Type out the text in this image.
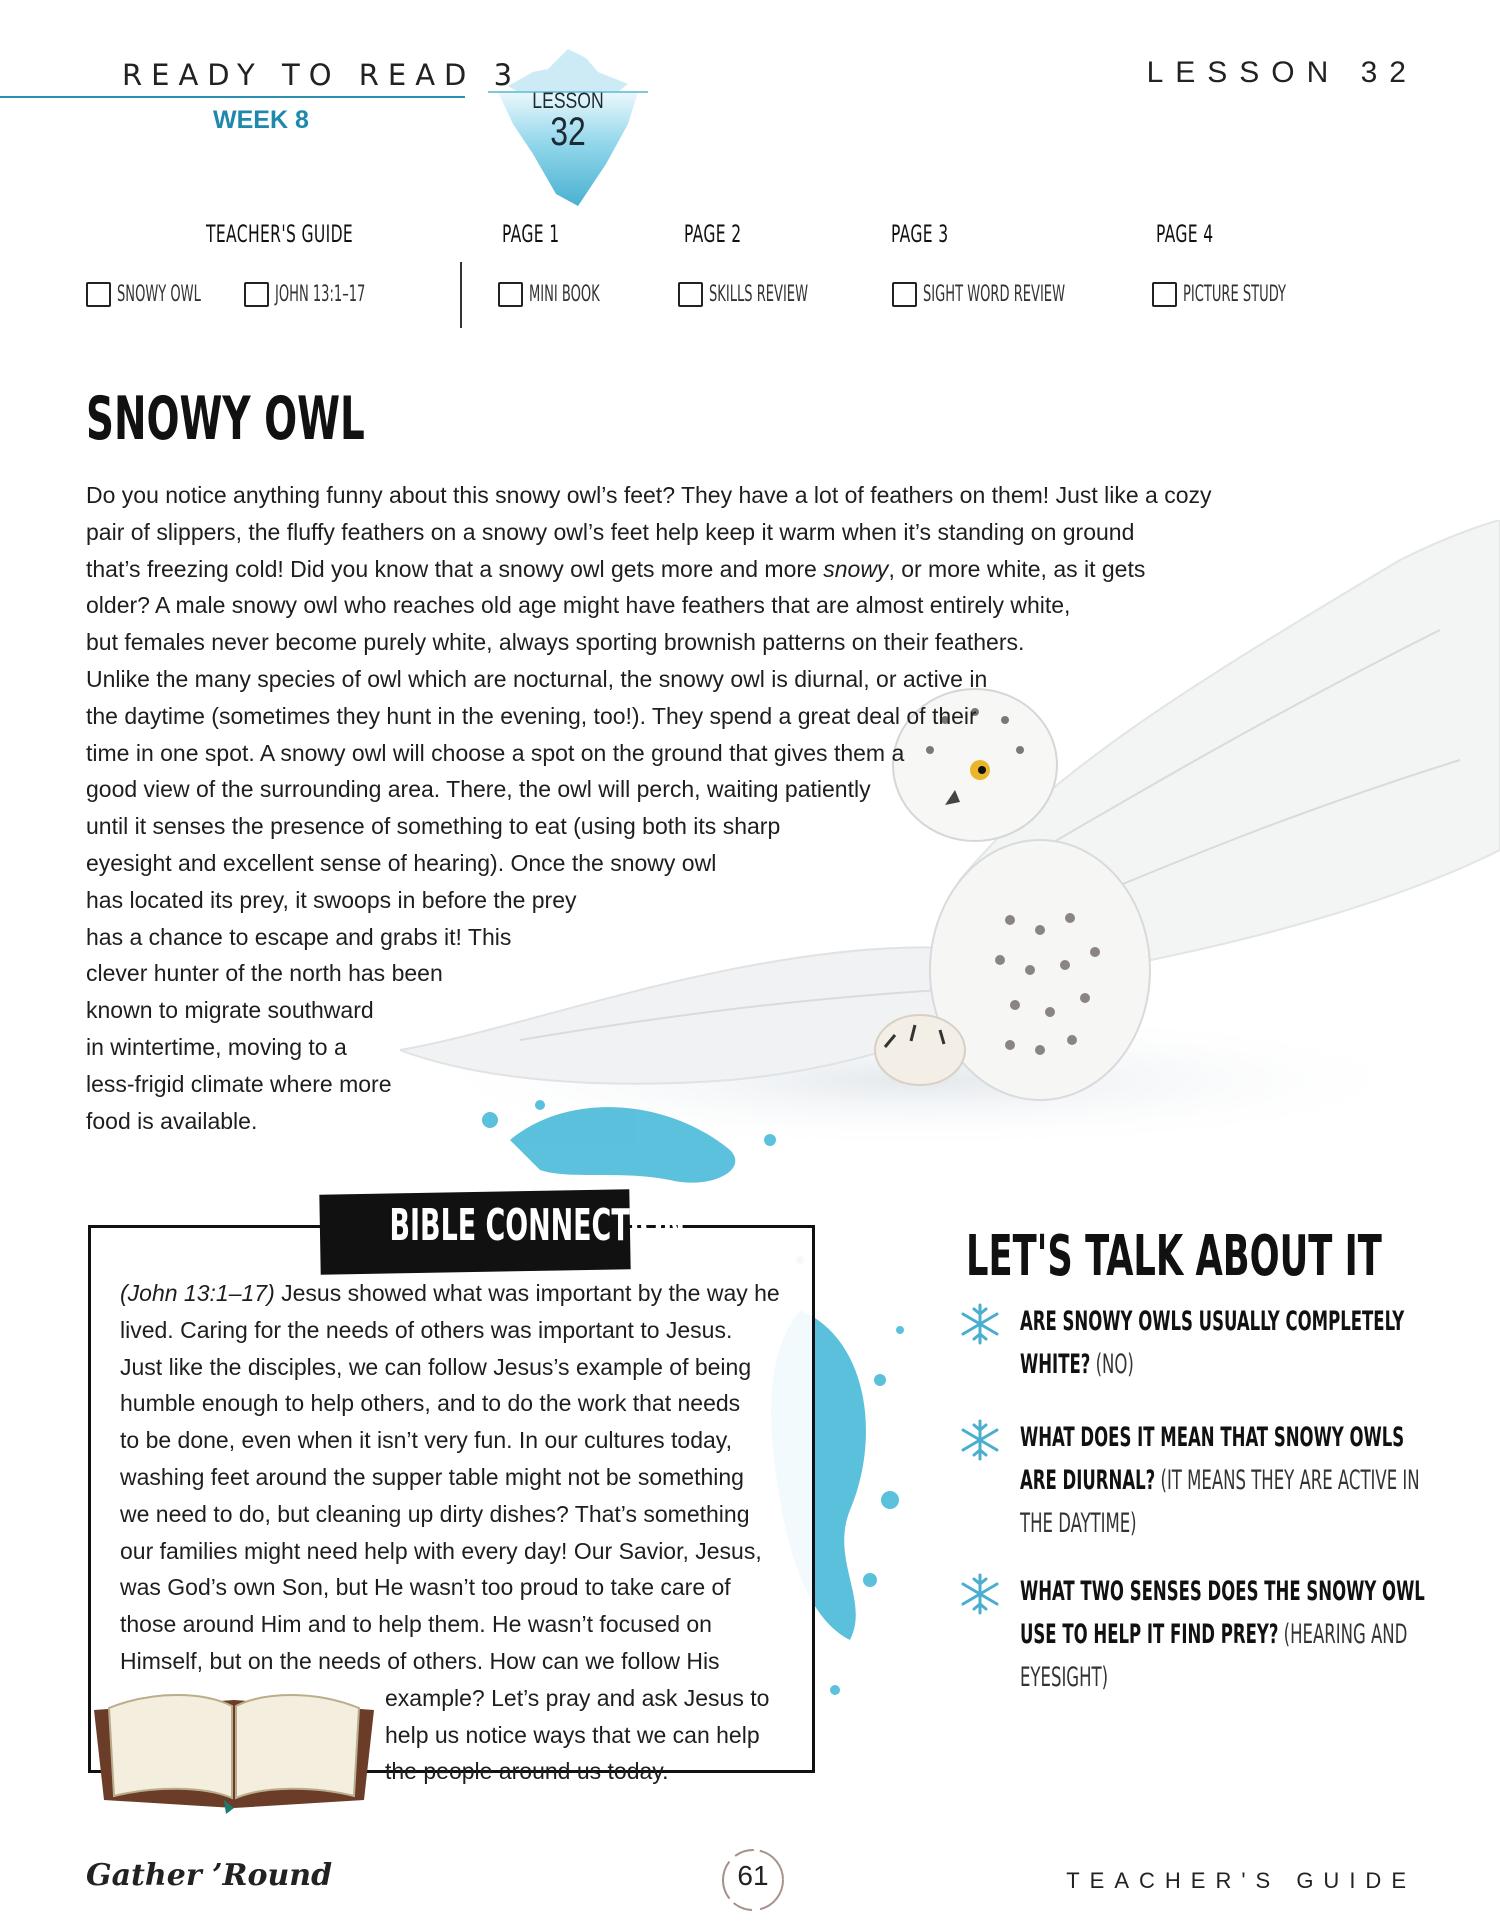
READY TO READ 3
WEEK 8
LESSON 32
LESSON
32
TEACHER'S GUIDE	PAGE 1	PAGE 2	PAGE 3	PAGE 4
SNOWY OWL	JOHN 13:1–17	MINI BOOK	SKILLS REVIEW	SIGHT WORD REVIEW	PICTURE STUDY
SNOWY OWL
Do you notice anything funny about this snowy owl’s feet? They have a lot of feathers on them! Just like a cozy
pair of slippers, the fluffy feathers on a snowy owl’s feet help keep it warm when it’s standing on ground
that’s freezing cold! Did you know that a snowy owl gets more and more snowy, or more white, as it gets
older? A male snowy owl who reaches old age might have feathers that are almost entirely white,
but females never become purely white, always sporting brownish patterns on their feathers.
Unlike the many species of owl which are nocturnal, the snowy owl is diurnal, or active in
the daytime (sometimes they hunt in the evening, too!). They spend a great deal of their
time in one spot. A snowy owl will choose a spot on the ground that gives them a
good view of the surrounding area. There, the owl will perch, waiting patiently
until it senses the presence of something to eat (using both its sharp
eyesight and excellent sense of hearing). Once the snowy owl
has located its prey, it swoops in before the prey
has a chance to escape and grabs it! This
clever hunter of the north has been
known to migrate southward
in wintertime, moving to a
less-frigid climate where more
food is available.
BIBLE CONNECTION
(John 13:1–17) Jesus showed what was important by the way he
lived. Caring for the needs of others was important to Jesus.
Just like the disciples, we can follow Jesus’s example of being
humble enough to help others, and to do the work that needs
to be done, even when it isn’t very fun. In our cultures today,
washing feet around the supper table might not be something
we need to do, but cleaning up dirty dishes? That’s something
our families might need help with every day! Our Savior, Jesus,
was God’s own Son, but He wasn’t too proud to take care of
those around Him and to help them. He wasn’t focused on
Himself, but on the needs of others. How can we follow His
example? Let’s pray and ask Jesus to
help us notice ways that we can help
the people around us today.
LET'S TALK ABOUT IT
ARE SNOWY OWLS USUALLY COMPLETELY WHITE? (NO)
WHAT DOES IT MEAN THAT SNOWY OWLS ARE DIURNAL? (IT MEANS THEY ARE ACTIVE IN THE DAYTIME)
WHAT TWO SENSES DOES THE SNOWY OWL USE TO HELP IT FIND PREY? (HEARING AND EYESIGHT)
Gather ’Round	61	TEACHER'S GUIDE
